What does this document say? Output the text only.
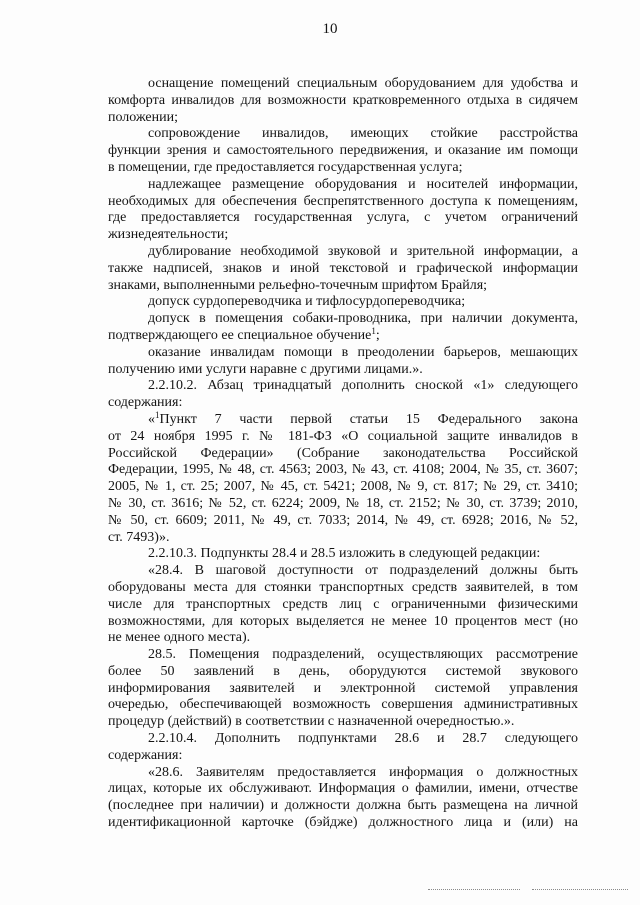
10
оснащение помещений специальным оборудованием для удобства и
комфорта инвалидов для возможности кратковременного отдыха в сидячем
положении;
сопровождение инвалидов, имеющих стойкие расстройства
функции зрения и самостоятельного передвижения, и оказание им помощи
в помещении, где предоставляется государственная услуга;
надлежащее размещение оборудования и носителей информации,
необходимых для обеспечения беспрепятственного доступа к помещениям,
где предоставляется государственная услуга, с учетом ограничений
жизнедеятельности;
дублирование необходимой звуковой и зрительной информации, а
также надписей, знаков и иной текстовой и графической информации
знаками, выполненными рельефно-точечным шрифтом Брайля;
допуск сурдопереводчика и тифлосурдопереводчика;
допуск в помещения собаки-проводника, при наличии документа,
подтверждающего ее специальное обучение$^1$;
оказание инвалидам помощи в преодолении барьеров, мешающих
получению ими услуги наравне с другими лицами.».
2.2.10.2. Абзац тринадцатый дополнить сноской «1» следующего
содержания:
«$^1$Пункт 7 части первой статьи 15 Федерального закона
от 24 ноября 1995 г. № 181-ФЗ «О социальной защите инвалидов в
Российской Федерации» (Собрание законодательства Российской
Федерации, 1995, № 48, ст. 4563; 2003, № 43, ст. 4108; 2004, № 35, ст. 3607;
2005, № 1, ст. 25; 2007, № 45, ст. 5421; 2008, № 9, ст. 817; № 29, ст. 3410;
№ 30, ст. 3616; № 52, ст. 6224; 2009, № 18, ст. 2152; № 30, ст. 3739; 2010,
№ 50, ст. 6609; 2011, № 49, ст. 7033; 2014, № 49, ст. 6928; 2016, № 52,
ст. 7493)».
2.2.10.3. Подпункты 28.4 и 28.5 изложить в следующей редакции:
«28.4. В шаговой доступности от подразделений должны быть
оборудованы места для стоянки транспортных средств заявителей, в том
числе для транспортных средств лиц с ограниченными физическими
возможностями, для которых выделяется не менее 10 процентов мест (но
не менее одного места).
28.5. Помещения подразделений, осуществляющих рассмотрение
более 50 заявлений в день, оборудуются системой звукового
информирования заявителей и электронной системой управления
очередью, обеспечивающей возможность совершения административных
процедур (действий) в соответствии с назначенной очередностью.».
2.2.10.4. Дополнить подпунктами 28.6 и 28.7 следующего
содержания:
«28.6. Заявителям предоставляется информация о должностных
лицах, которые их обслуживают. Информация о фамилии, имени, отчестве
(последнее при наличии) и должности должна быть размещена на личной
идентификационной карточке (бэйдже) должностного лица и (или) на
